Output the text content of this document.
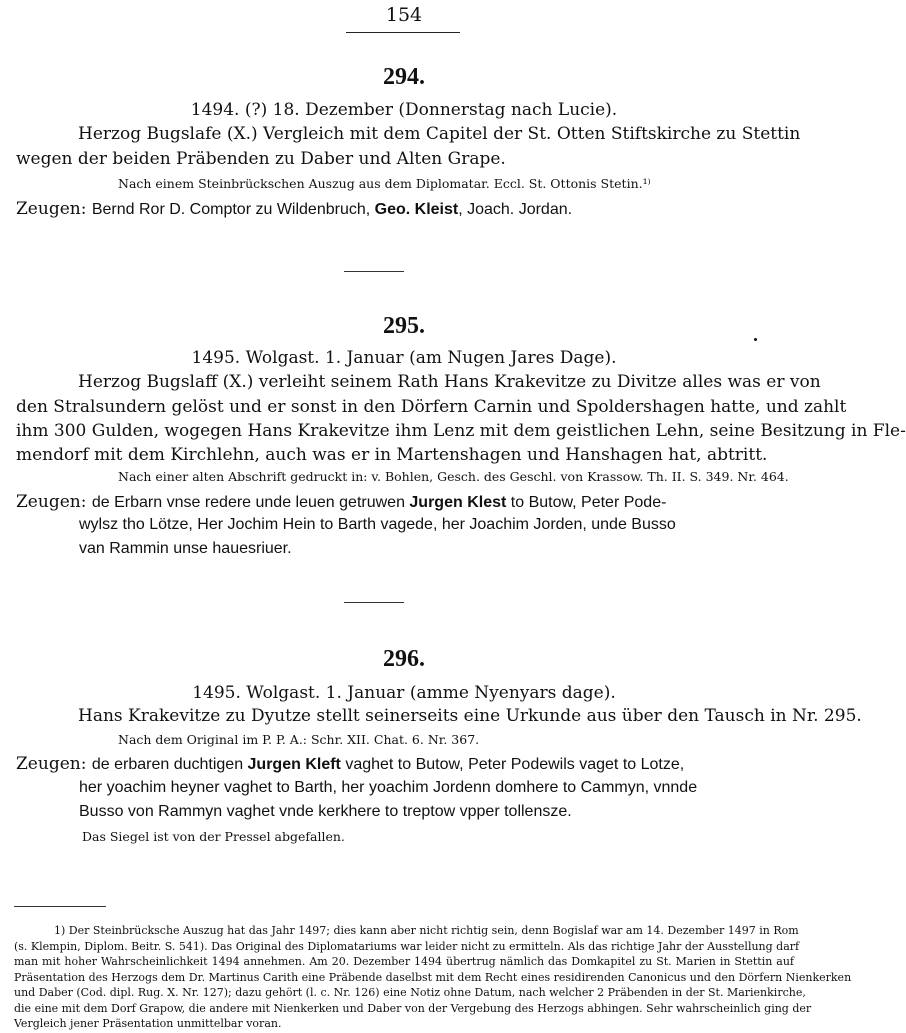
154
294.
1494. (?) 18. Dezember (Donnerstag nach Lucie).
Herzog Bugslafe (X.) Vergleich mit dem Capitel der St. Otten Stiftskirche zu Stettin
wegen der beiden Präbenden zu Daber und Alten Grape.
Nach einem Steinbrückschen Auszug aus dem Diplomatar. Eccl. St. Ottonis Stetin.¹⁾
Zeugen: Bernd Ror D. Comptor zu Wildenbruch, Geo. Kleist, Joach. Jordan.
295.
1495. Wolgast. 1. Januar (am Nugen Jares Dage).
Herzog Bugslaff (X.) verleiht seinem Rath Hans Krakevitze zu Divitze alles was er von
den Stralsundern gelöst und er sonst in den Dörfern Carnin und Spoldershagen hatte, und zahlt
ihm 300 Gulden, wogegen Hans Krakevitze ihm Lenz mit dem geistlichen Lehn, seine Besitzung in Fle-
mendorf mit dem Kirchlehn, auch was er in Martenshagen und Hanshagen hat, abtritt.
Nach einer alten Abschrift gedruckt in: v. Bohlen, Gesch. des Geschl. von Krassow. Th. II. S. 349. Nr. 464.
Zeugen: de Erbarn vnse redere unde leuen getruwen Jurgen Klest to Butow, Peter Pode-
wylsz tho Lötze, Her Jochim Hein to Barth vagede, her Joachim Jorden, unde Busso
van Rammin unse hauesriuer.
296.
1495. Wolgast. 1. Januar (amme Nyenyars dage).
Hans Krakevitze zu Dyutze stellt seinerseits eine Urkunde aus über den Tausch in Nr. 295.
Nach dem Original im P. P. A.: Schr. XII. Chat. 6. Nr. 367.
Zeugen: de erbaren duchtigen Jurgen Kleft vaghet to Butow, Peter Podewils vaget to Lotze,
her yoachim heyner vaghet to Barth, her yoachim Jordenn domhere to Cammyn, vnnde
Busso von Rammyn vaghet vnde kerkhere to treptow vpper tollensze.
Das Siegel ist von der Pressel abgefallen.
1) Der Steinbrücksche Auszug hat das Jahr 1497; dies kann aber nicht richtig sein, denn Bogislaf war am 14. Dezember 1497 in Rom
(s. Klempin, Diplom. Beitr. S. 541). Das Original des Diplomatariums war leider nicht zu ermitteln. Als das richtige Jahr der Ausstellung darf
man mit hoher Wahrscheinlichkeit 1494 annehmen. Am 20. Dezember 1494 übertrug nämlich das Domkapitel zu St. Marien in Stettin auf
Präsentation des Herzogs dem Dr. Martinus Carith eine Präbende daselbst mit dem Recht eines residirenden Canonicus und den Dörfern Nienkerken
und Daber (Cod. dipl. Rug. X. Nr. 127); dazu gehört (l. c. Nr. 126) eine Notiz ohne Datum, nach welcher 2 Präbenden in der St. Marienkirche,
die eine mit dem Dorf Grapow, die andere mit Nienkerken und Daber von der Vergebung des Herzogs abhingen. Sehr wahrscheinlich ging der
Vergleich jener Präsentation unmittelbar voran.
